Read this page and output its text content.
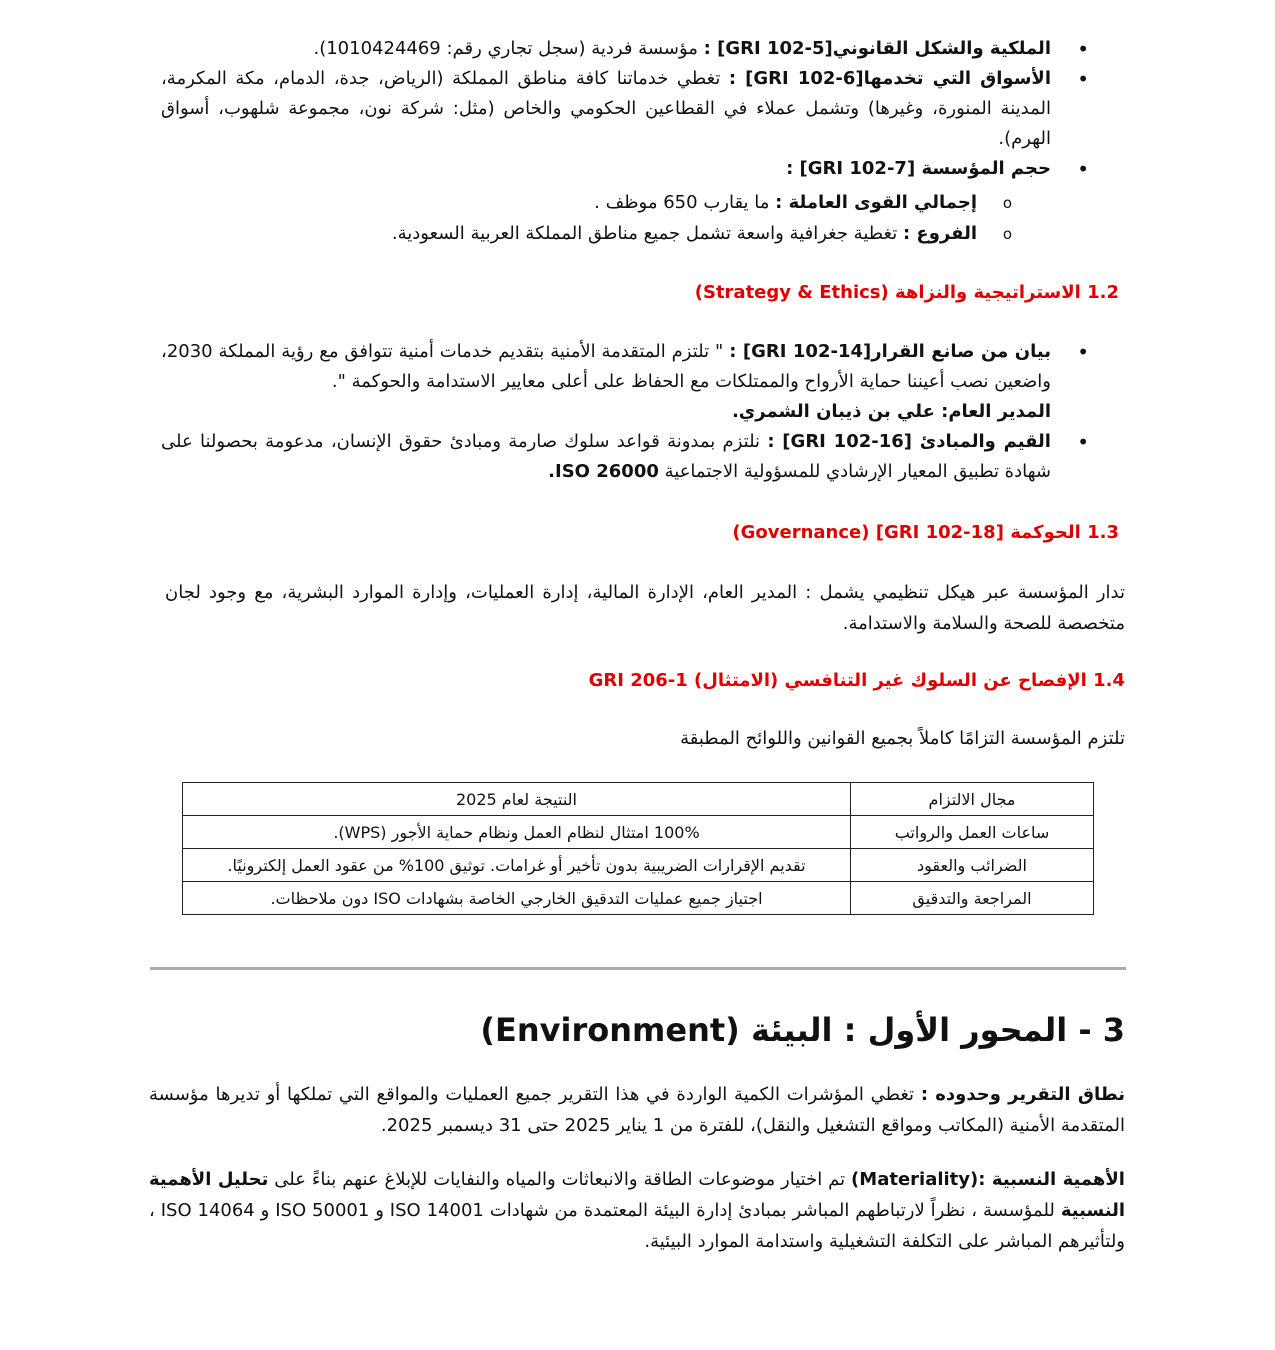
• الملكية والشكل القانوني[GRI 102-5] : مؤسسة فردية (سجل تجاري رقم: 1010424469).
• الأسواق التي تخدمها[GRI 102-6] : تغطي خدماتنا كافة مناطق المملكة (الرياض، جدة، الدمام، مكة المكرمة، المدينة المنورة، وغيرها) وتشمل عملاء في القطاعين الحكومي والخاص (مثل: شركة نون، مجموعة شلهوب، أسواق الهرم).
• حجم المؤسسة [GRI 102-7] :
o إجمالي القوى العاملة : ما يقارب 650 موظف .
o الفروع : تغطية جغرافية واسعة تشمل جميع مناطق المملكة العربية السعودية.
1.2 الاستراتيجية والنزاهة (Strategy & Ethics)
• بيان من صانع القرار[GRI 102-14] : " تلتزم المتقدمة الأمنية بتقديم خدمات أمنية تتوافق مع رؤية المملكة 2030، واضعين نصب أعيننا حماية الأرواح والممتلكات مع الحفاظ على أعلى معايير الاستدامة والحوكمة ".
المدير العام: علي بن ذيبان الشمري.
• القيم والمبادئ [GRI 102-16] : نلتزم بمدونة قواعد سلوك صارمة ومبادئ حقوق الإنسان، مدعومة بحصولنا على شهادة تطبيق المعيار الإرشادي للمسؤولية الاجتماعية ISO 26000.
1.3 الحوكمة [GRI 102-18] (Governance)

تدار المؤسسة عبر هيكل تنظيمي يشمل : المدير العام، الإدارة المالية، إدارة العمليات، وإدارة الموارد البشرية، مع وجود لجان متخصصة للصحة والسلامة والاستدامة.

1.4 الإفصاح عن السلوك غير التنافسي (الامتثال) GRI 206-1

تلتزم المؤسسة التزامًا كاملاً بجميع القوانين واللوائح المطبقة

مجال الالتزام	النتيجة لعام 2025
ساعات العمل والرواتب	100% امتثال لنظام العمل ونظام حماية الأجور (WPS).
الضرائب والعقود	تقديم الإقرارات الضريبية بدون تأخير أو غرامات. توثيق 100% من عقود العمل إلكترونيًا.
المراجعة والتدقيق	اجتياز جميع عمليات التدقيق الخارجي الخاصة بشهادات ISO دون ملاحظات.
3 - المحور الأول : البيئة (Environment)

نطاق التقرير وحدوده : تغطي المؤشرات الكمية الواردة في هذا التقرير جميع العمليات والمواقع التي تملكها أو تديرها مؤسسة المتقدمة الأمنية (المكاتب ومواقع التشغيل والنقل)، للفترة من 1 يناير 2025 حتى 31 ديسمبر 2025.

الأهمية النسبية :(Materiality) تم اختيار موضوعات الطاقة والانبعاثات والمياه والنفايات للإبلاغ عنهم بناءً على تحليل الأهمية النسبية للمؤسسة ، نظراً لارتباطهم المباشر بمبادئ إدارة البيئة المعتمدة من شهادات ISO 14001 و ISO 50001 و ISO 14064 ، ولتأثيرهم المباشر على التكلفة التشغيلية واستدامة الموارد البيئية.
